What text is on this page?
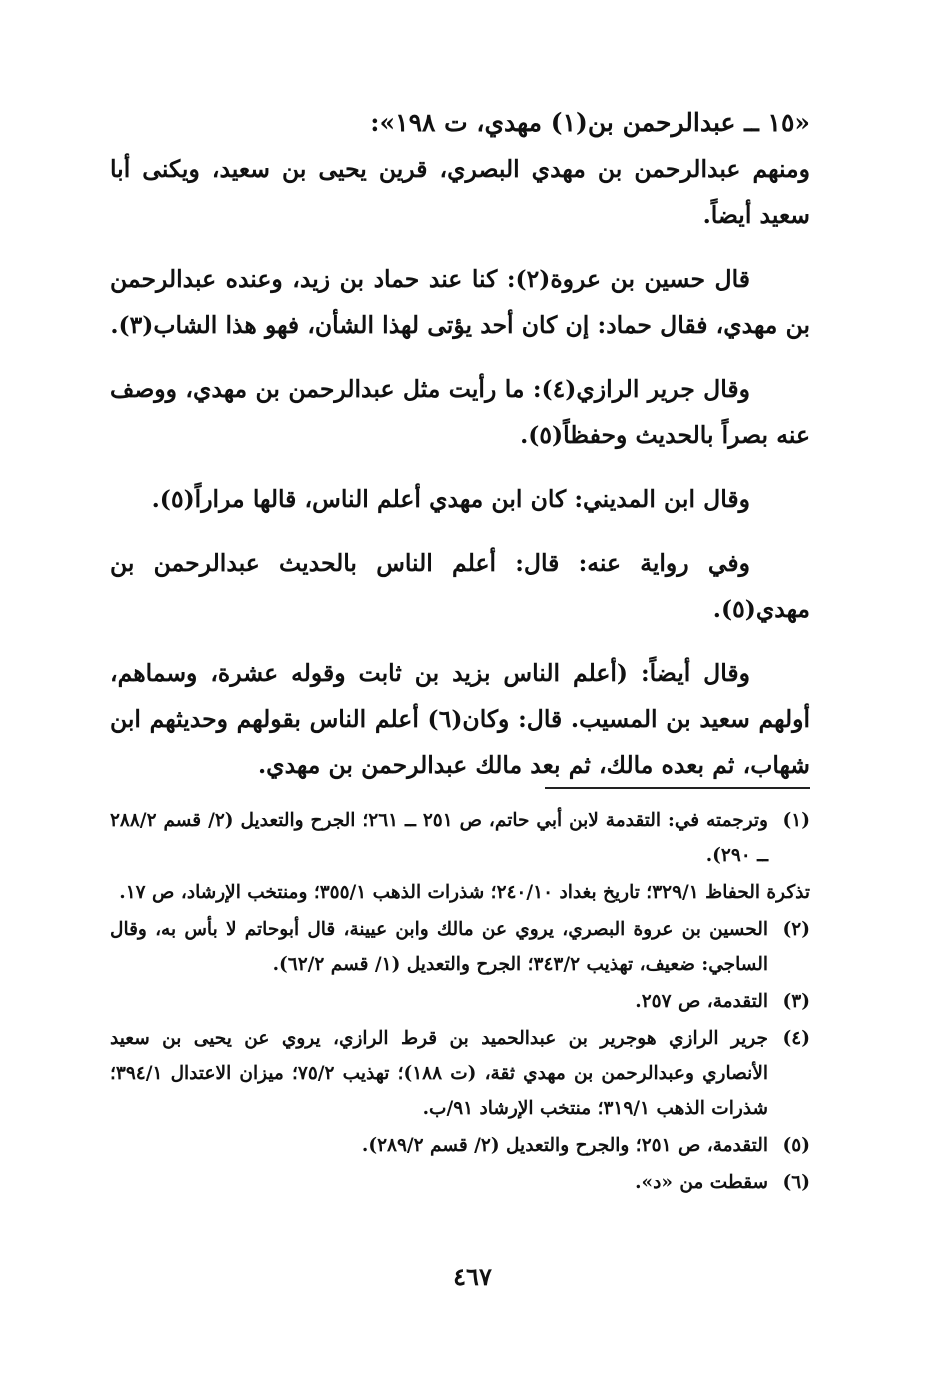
«١٥ ــ عبدالرحمن بن(١) مهدي، ت ١٩٨»:

ومنهم عبدالرحمن بن مهدي البصري، قرين يحيى بن سعيد، ويكنى أبا سعيد أيضاً.

قال حسين بن عروة(٢): كنا عند حماد بن زيد، وعنده عبدالرحمن بن مهدي، فقال حماد: إن كان أحد يؤتى لهذا الشأن، فهو هذا الشاب(٣).

وقال جرير الرازي(٤): ما رأيت مثل عبدالرحمن بن مهدي، ووصف عنه بصراً بالحديث وحفظاً(٥).

وقال ابن المديني: كان ابن مهدي أعلم الناس، قالها مراراً(٥).

وفي رواية عنه: قال: أعلم الناس بالحديث عبدالرحمن بن مهدي(٥).

وقال أيضاً: (أعلم الناس بزيد بن ثابت وقوله عشرة، وسماهم، أولهم سعيد بن المسيب. قال: وكان(٦) أعلم الناس بقولهم وحديثهم ابن شهاب، ثم بعده مالك، ثم بعد مالك عبدالرحمن بن مهدي.

(١)
وترجمته في: التقدمة لابن أبي حاتم، ص ٢٥١ ــ ٢٦١؛ الجرح والتعديل (٢/ قسم ٢٨٨/٢ ــ ٢٩٠).
تذكرة الحفاظ ٣٢٩/١؛ تاريخ بغداد ٢٤٠/١٠؛ شذرات الذهب ٣٥٥/١؛ ومنتخب الإرشاد، ص ١٧.
(٢)
الحسين بن عروة البصري، يروي عن مالك وابن عيينة، قال أبوحاتم لا بأس به، وقال الساجي: ضعيف، تهذيب ٣٤٣/٢؛ الجرح والتعديل (١/ قسم ٦٢/٢).
(٣)
التقدمة، ص ٢٥٧.
(٤)
جرير الرازي هوجرير بن عبدالحميد بن قرط الرازي، يروي عن يحيى بن سعيد الأنصاري وعبدالرحمن بن مهدي ثقة، (ت ١٨٨)؛ تهذيب ٧٥/٢؛ ميزان الاعتدال ٣٩٤/١؛ شذرات الذهب ٣١٩/١؛ منتخب الإرشاد ٩١/ب.
(٥)
التقدمة، ص ٢٥١؛ والجرح والتعديل (٢/ قسم ٢٨٩/٢).
(٦)
سقطت من «د».
٤٦٧
